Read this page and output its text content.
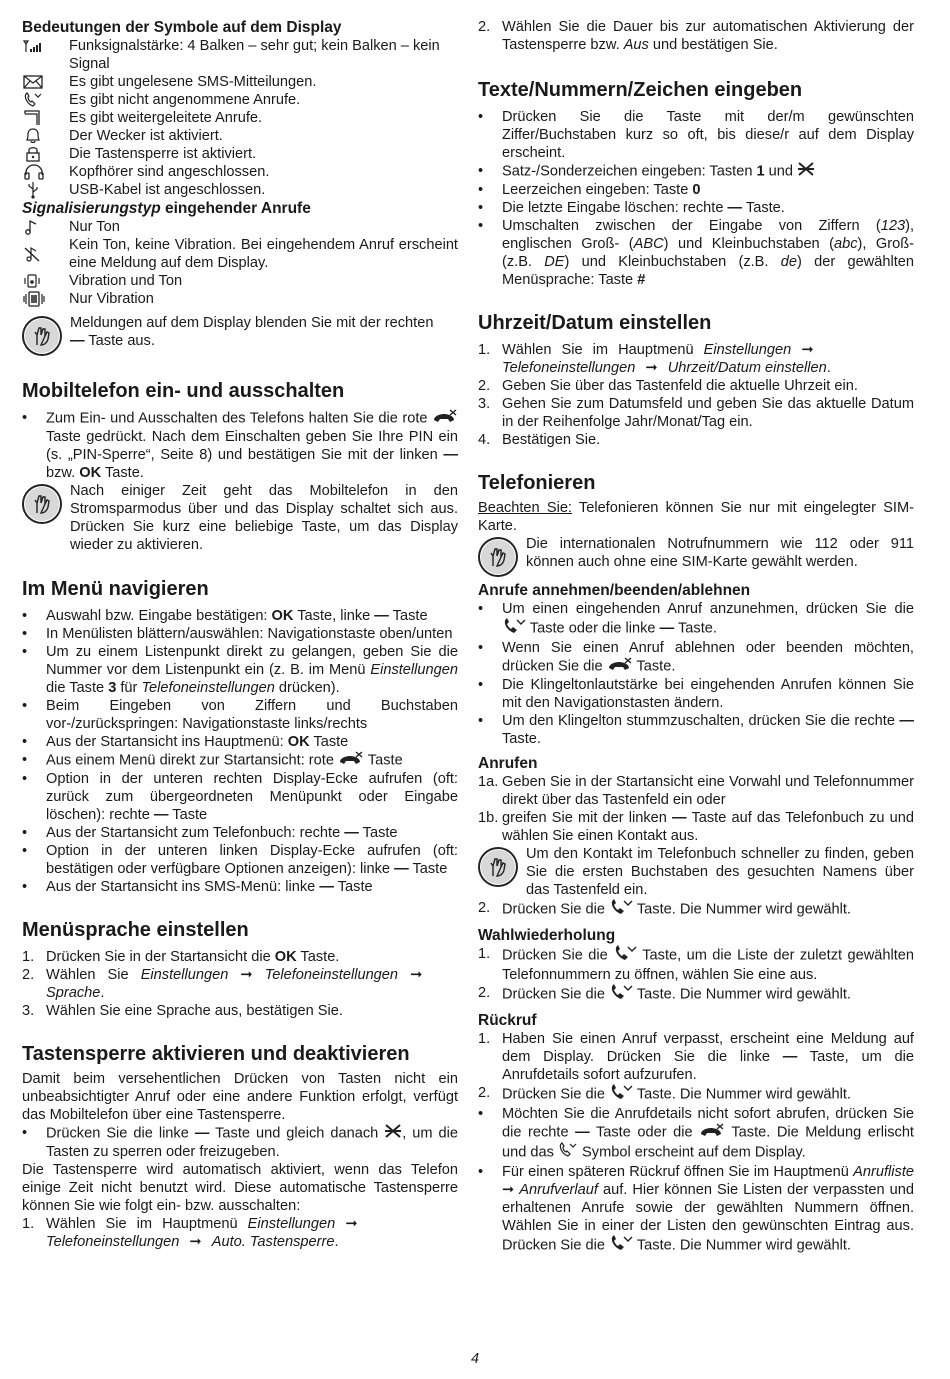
Bedeutungen der Symbole auf dem Display
Funksignalstärke: 4 Balken – sehr gut; kein Balken – kein Signal
Es gibt ungelesene SMS-Mitteilungen.
Es gibt nicht angenommene Anrufe.
Es gibt weitergeleitete Anrufe.
Der Wecker ist aktiviert.
Die Tastensperre ist aktiviert.
Kopfhörer sind angeschlossen.
USB-Kabel ist angeschlossen.
Signalisierungstyp eingehender Anrufe
Nur Ton
Kein Ton, keine Vibration. Bei eingehendem Anruf erscheint eine Meldung auf dem Display.
Vibration und Ton
Nur Vibration

Meldungen auf dem Display blenden Sie mit der rechten
— Taste aus.

Mobiltelefon ein- und ausschalten
•	Zum Ein- und Ausschalten des Telefons halten Sie die rote  Taste gedrückt. Nach dem Einschalten geben Sie Ihre PIN ein (s. „PIN-Sperre“, Seite 8) und bestätigen Sie mit der linken — bzw. OK Taste.

Nach einiger Zeit geht das Mobiltelefon in den Stromsparmodus über und das Display schaltet sich aus. Drücken Sie kurz eine beliebige Taste, um das Display wieder zu aktivieren.

Im Menü navigieren
•	Auswahl bzw. Eingabe bestätigen: OK Taste, linke — Taste
•	In Menülisten blättern/auswählen: Navigationstaste oben/unten
•	Um zu einem Listenpunkt direkt zu gelangen, geben Sie die Nummer vor dem Listenpunkt ein (z. B. im Menü Einstellungen die Taste 3 für Telefoneinstellungen drücken).
•	Beim Eingeben von Ziffern und Buchstaben vor-/zurückspringen: Navigationstaste links/rechts
•	Aus der Startansicht ins Hauptmenü: OK Taste
•	Aus einem Menü direkt zur Startansicht: rote  Taste
•	Option in der unteren rechten Display-Ecke aufrufen (oft: zurück zum übergeordneten Menüpunkt oder Eingabe löschen): rechte — Taste
•	Aus der Startansicht zum Telefonbuch: rechte — Taste
•	Option in der unteren linken Display-Ecke aufrufen (oft: bestätigen oder verfügbare Optionen anzeigen): linke — Taste
•	Aus der Startansicht ins SMS-Menü: linke — Taste
Menüsprache einstellen
1. Drücken Sie in der Startansicht die OK Taste.
2. Wählen Sie Einstellungen ➞ Telefoneinstellungen ➞ Sprache.
3. Wählen Sie eine Sprache aus, bestätigen Sie.
Tastensperre aktivieren und deaktivieren

Damit beim versehentlichen Drücken von Tasten nicht ein unbeabsichtigter Anruf oder eine andere Funktion erfolgt, verfügt das Mobiltelefon über eine Tastensperre.

•	Drücken Sie die linke — Taste und gleich danach , um die Tasten zu sperren oder freizugeben.

Die Tastensperre wird automatisch aktiviert, wenn das Telefon einige Zeit nicht benutzt wird. Diese automatische Tastensperre können Sie wie folgt ein- bzw. ausschalten:

1. Wählen Sie im Hauptmenü Einstellungen ➞ Telefoneinstellungen ➞ Auto. Tastensperre.
2. Wählen Sie die Dauer bis zur automatischen Aktivierung der Tastensperre bzw. Aus und bestätigen Sie.
Texte/Nummern/Zeichen eingeben
•	Drücken Sie die Taste mit der/m gewünschten Ziffer/Buchstaben kurz so oft, bis diese/r auf dem Display erscheint.
•	Satz-/Sonderzeichen eingeben: Tasten 1 und
•	Leerzeichen eingeben: Taste 0
•	Die letzte Eingabe löschen: rechte — Taste.
•	Umschalten zwischen der Eingabe von Ziffern (123), englischen Groß- (ABC) und Kleinbuchstaben (abc), Groß- (z.B. DE) und Kleinbuchstaben (z.B. de) der gewählten Menüsprache: Taste #
Uhrzeit/Datum einstellen
1. Wählen Sie im Hauptmenü Einstellungen ➞ Telefoneinstellungen ➞ Uhrzeit/Datum einstellen.
2. Geben Sie über das Tastenfeld die aktuelle Uhrzeit ein.
3. Gehen Sie zum Datumsfeld und geben Sie das aktuelle Datum in der Reihenfolge Jahr/Monat/Tag ein.
4. Bestätigen Sie.
Telefonieren

Beachten Sie: Telefonieren können Sie nur mit eingelegter SIM-Karte.

Die internationalen Notrufnummern wie 112 oder 911 können auch ohne eine SIM-Karte gewählt werden.

Anrufe annehmen/beenden/ablehnen
•	Um einen eingehenden Anruf anzunehmen, drücken Sie die  Taste oder die linke — Taste.
•	Wenn Sie einen Anruf ablehnen oder beenden möchten, drücken Sie die  Taste.
•	Die Klingeltonlautstärke bei eingehenden Anrufen können Sie mit den Navigationstasten ändern.
•	Um den Klingelton stummzuschalten, drücken Sie die rechte — Taste.
Anrufen
1a. Geben Sie in der Startansicht eine Vorwahl und Telefonnummer direkt über das Tastenfeld ein oder
1b. greifen Sie mit der linken — Taste auf das Telefonbuch zu und wählen Sie einen Kontakt aus.

Um den Kontakt im Telefonbuch schneller zu finden, geben Sie die ersten Buchstaben des gesuchten Namens über das Tastenfeld ein.

2. Drücken Sie die  Taste. Die Nummer wird gewählt.
Wahlwiederholung
1. Drücken Sie die  Taste, um die Liste der zuletzt gewählten Telefonnummern zu öffnen, wählen Sie eine aus.
2. Drücken Sie die  Taste. Die Nummer wird gewählt.
Rückruf
1. Haben Sie einen Anruf verpasst, erscheint eine Meldung auf dem Display. Drücken Sie die linke — Taste, um die Anrufdetails sofort aufzurufen.
2. Drücken Sie die  Taste. Die Nummer wird gewählt.
•	Möchten Sie die Anrufdetails nicht sofort abrufen, drücken Sie die rechte — Taste oder die  Taste. Die Meldung erlischt und das  Symbol erscheint auf dem Display.
•	Für einen späteren Rückruf öffnen Sie im Hauptmenü Anrufliste ➞ Anrufverlauf auf. Hier können Sie Listen der verpassten und erhaltenen Anrufe sowie der gewählten Nummern öffnen. Wählen Sie in einer der Listen den gewünschten Eintrag aus. Drücken Sie die  Taste. Die Nummer wird gewählt.
4
